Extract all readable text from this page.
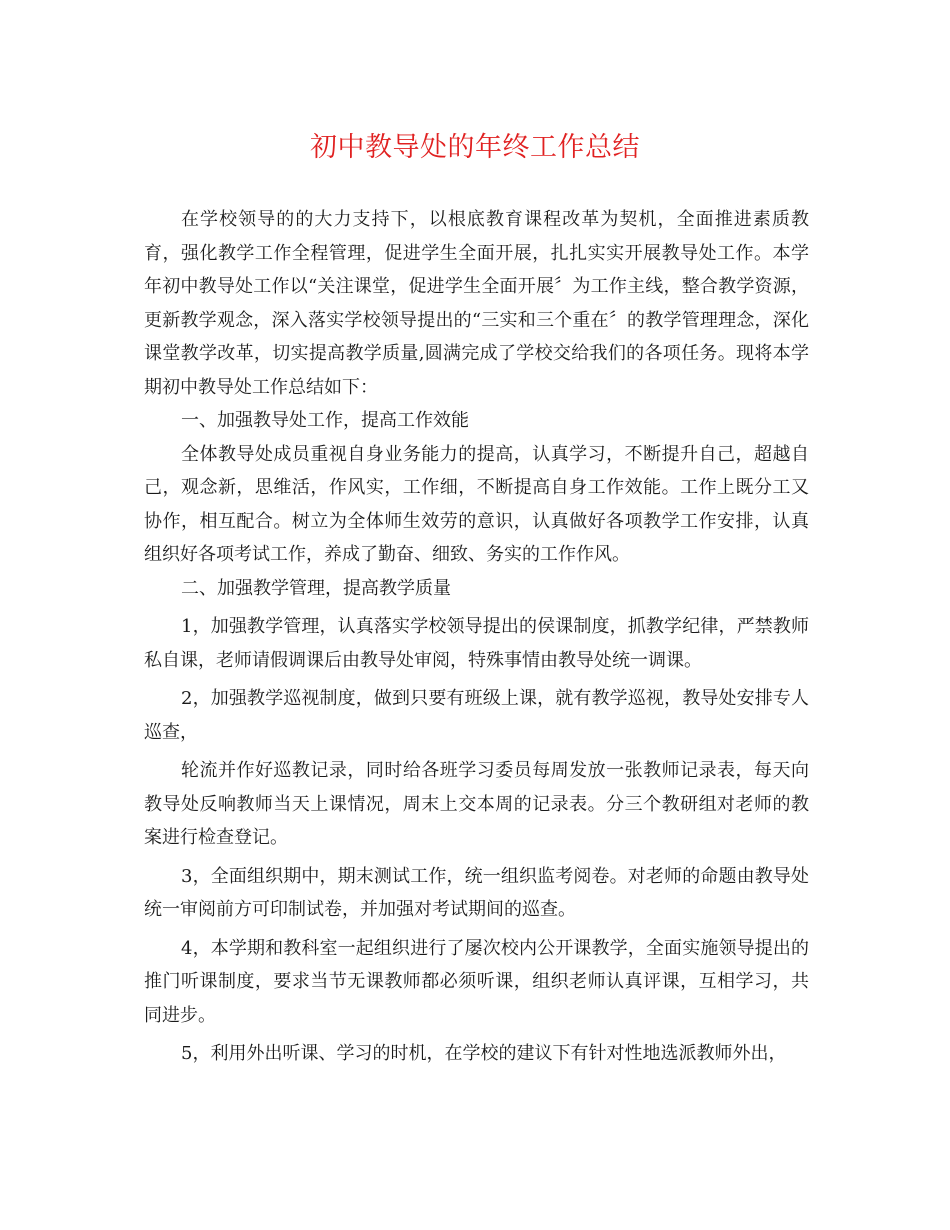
初中教导处的年终工作总结

在学校领导的的大力支持下，以根底教育课程改革为契机，全面推进素质教育，强化教学工作全程管理，促进学生全面开展，扎扎实实开展教导处工作。本学年初中教导处工作以“关注课堂，促进学生全面开展〞为工作主线，整合教学资源，更新教学观念，深入落实学校领导提出的“三实和三个重在〞的教学管理理念，深化课堂教学改革，切实提高教学质量,圆满完成了学校交给我们的各项任务。现将本学期初中教导处工作总结如下：

一、加强教导处工作，提高工作效能

全体教导处成员重视自身业务能力的提高，认真学习，不断提升自己，超越自己，观念新，思维活，作风实，工作细，不断提高自身工作效能。工作上既分工又协作，相互配合。树立为全体师生效劳的意识，认真做好各项教学工作安排，认真组织好各项考试工作，养成了勤奋、细致、务实的工作作风。

二、加强教学管理，提高教学质量

1，加强教学管理，认真落实学校领导提出的侯课制度，抓教学纪律，严禁教师私自课，老师请假调课后由教导处审阅，特殊事情由教导处统一调课。

2，加强教学巡视制度，做到只要有班级上课，就有教学巡视，教导处安排专人巡查，

轮流并作好巡教记录，同时给各班学习委员每周发放一张教师记录表，每天向教导处反响教师当天上课情况，周末上交本周的记录表。分三个教研组对老师的教案进行检查登记。

3，全面组织期中，期末测试工作，统一组织监考阅卷。对老师的命题由教导处统一审阅前方可印制试卷，并加强对考试期间的巡查。

4，本学期和教科室一起组织进行了屡次校内公开课教学，全面实施领导提出的推门听课制度，要求当节无课教师都必须听课，组织老师认真评课，互相学习，共同进步。

5，利用外出听课、学习的时机，在学校的建议下有针对性地选派教师外出，
